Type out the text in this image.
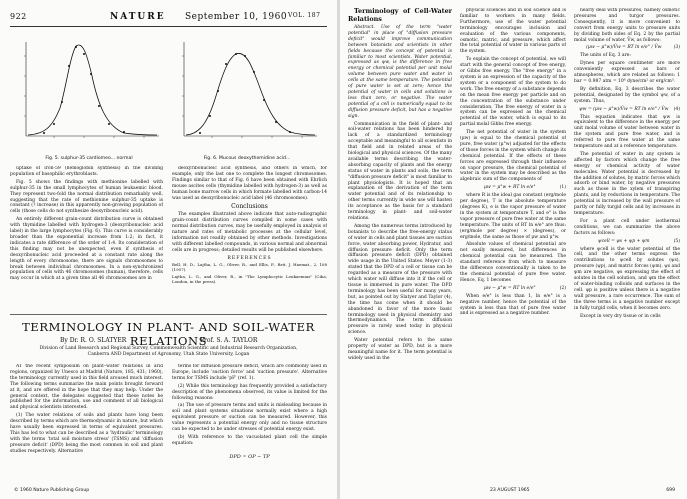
922	NATURE September 10, 1960 VOL. 187
Fig. 5. sulphur-35 cardiomeo... normal	Fig. 6. Mucous deoxythemidine acid...

uptake of iron-59 (hemoglobin synthesis) in the dividing population of basophilic erythroblasts.

Fig. 5 shows the findings with methionine labelled with sulphur-35 in the small lymphocytes of human leukaemic blood. They represent two-fold the normal distribution remarkably well, suggesting that the rate of methionine sulphur-35 uptake is constant (? increase) in this apparently non-growing population of cells (those cells do not synthesize deoxyribonucleic acid).

An entirely different grain-count distribution curve is obtained with thymidine labelled with hydrogen-3 (deoxyribonucleic acid label) in the large lymphocytes (Fig. 6). This curve is considerably broader than the exponential increase from 1:2; in fact, it indicates a rate difference of the order of 1:4. Its consideration of this finding may not be unexpected, even if synthesis of deoxyribonucleic acid proceeded at a constant rate along the length of every chromosome, there are signals chromosomes to break between individual chromosomes. In a non-synchronized population of cells with 46 chromosomes (human), therefore, cells may occur in which at a given time all 46 chromosomes are in

deoxyribonucleic acid synthesis, and others in which, for example, only the last one to complete the longest chromosomes. Findings similar to that of Fig. 6 have been obtained with Ehrlich mouse ascites cells (thymidine labelled with hydrogen-3) as well as human bone marrow cells in which formate labelled with carbon-14 was used as deoxyribonucleic acid label (46 chromosomes).

Conclusions

The examples illustrated above indicate that auto-radiographic grain-count distribution curves compiled in some cases with normal distribution curves, may be usefully employed in analysis of nature and rates of metabolic processes at the cellular level, information not readily obtained by other methods. Investigations with different labelled compounds, in various normal and abnormal cells are in progress; detailed results will be published elsewhere.

REFERENCES

Bell, H. D., Lajtha, L. G., Oliver, R., and Ellis, F., Brit. J. Haemat., 2, 108 (1957).

Lajtha, L. G., and Oliver, R., in "The Lymphocytic Leukaemias" (Ciba, London, in the press).

TERMINOLOGY IN PLANT- AND SOIL-WATER RELATIONS
By Dr. R. O. SLATYER	Prof. S. A. TAYLOR
Division of Land Research and Regional Survey, Commonwealth Scientific and Industrial Research Organization, Canberra AND Department of Agronomy, Utah State University, Logan

AT the recent symposium on plant–water relations in arid regions, organized by Unesco at Madrid (Nature, 185, 431; 1960), the terminology currently used in this field aroused much interest. The following terms summarize the main points brought forward at it, and are offered in the hope that they may help. Under the general context, the delegates suggested that these notes be published for the information, use and comment of all biological and physical scientists interested.

(1) The water relations of soils and plants have long been described by terms which are thermodynamic in nature, but which have usually been expressed in terms of equivalent pressures. This has led to what can be described as a 'hydraulic' terminology with the terms 'total soil moisture stress' (TSMS) and 'diffusion pressure deficit' (DPD) being the most common in soil and plant studies respectively. Alternative

terms for diffusion pressure deficit, which are commonly used in Europe, include 'suction force' and 'suction pressure'. Alternative terms for TSMS include 'pF' (ref. 1).

(2) While this terminology has frequently provided a satisfactory description of the phenomena observed, its value is limited for the following reasons:

(a) The use of pressure terms and units is misleading because in soil and plant systems situations normally exist where a high equivalent pressure or suction can be measured. However, this value represents a potential energy only and no tissue structure can be expected to be under stresses of potential energy exist.

(b) With reference to the vacuolated plant cell the simple equation:

DPD = OP − TP
© 1960 Nature Publishing Group

Terminology of Cell-Water Relations

Abstract. Use of the term "water potential" in place of "diffusion pressure deficit" would improve communication between botanists and scientists in other fields because the concept of potential is familiar to most scientists. Water potential, expressed as ψw, is the difference in free energy or chemical potential per unit molal volume between pure water and water in cells at the same temperature. The potential of pure water is set at zero; hence the potential of water in cells and solutions is less than zero, or negative. The water potential of a cell is numerically equal to its diffusion pressure deficit, but has a negative sign.

Communication in the field of plant- and soil-water relations has been hindered by lack of a standardized terminology acceptable and meaningful to all scientists in that field and in related areas of the biological and physical sciences. Of the many available terms describing the water-absorbing capacity of plants and the energy status of water in plants and soils, the term "diffusion pressure deficit" is most familiar to plant physiologists. It is hoped that an explanation of the derivation of the term water potential and of its relationship to other terms currently in wide use will hasten its acceptance as the basis for a standard terminology in plant- and soil-water relations.

Among the numerous terms introduced by botanists to describe the free-energy status of water in cells and plant tissues are suction force, water absorbing power, Hydratur, and diffusion pressure deficit. Only the term diffusion pressure deficit (DPD) obtained wide usage in the United States. Meyer (1-3) stated that the DPD of a cell or tissue can be regarded as a measure of the pressure with which water will diffuse into it if the cell or tissue is immersed in pure water. The DPD terminology has been useful for many years, but, as pointed out by Slatyer and Taylor (4), the time has come when it should be abandoned in favor of the more basic terminology used in physical chemistry and thermodynamics. The term diffusion pressure is rarely used today in physical science.

Water potential refers to the same property of water as DPD, but is a more meaningful name for it. The term potential is widely used in the

physical sciences and in soil science and is familiar to workers in many fields. Furthermore, use of the water potential terminology encourages inclusion and evaluation of the various components, osmotic, matric, and pressure, which affect the total potential of water in various parts of the system.

To explain the concept of potential, we will start with the general concept of free energy, or Gibbs free energy. The "free energy" in a system is an expression of the capacity of the system or a component of the system to do work. The free energy of a substance depends on the mean free energy per particle and on the concentration of the substance under consideration. The free energy of water in a system can be expressed as the chemical potential of the water, which is equal to its partial molal Gibbs free energy.

The net potential of water in the system (μw) is equal to the chemical potential of pure, free water (μ°w) adjusted for the effects of those forces in the system which change its chemical potential. If the effects of these forces are expressed through their influence on vapor pressure, the chemical potential of water in the system may be described as the algebraic sum of the components of

μw = μ°w + RT ln e/e°	(1)

where R is the ideal gas constant (erg/mole per degree), T is the absolute temperature (degrees K), e is the vapor pressure of water in the system at temperature T, and e° is the vapor pressure of pure free water at the same temperature. The units of RT ln e/e° are thus: (erg/mole per degree) × (degrees), or erg/mole, the same as those of μw and μ°w.

Absolute values of chemical potential are not easily measured, but differences in chemical potential can be measured. The standard reference from which to measure the difference conventionally is taken to be the chemical potential of pure free water. Hence, Eq. 1 becomes

μw − μ°w = RT ln e/e°	(2)

When e/e° is less than 1, ln e/e° is a negative number, hence the potential of the system is less than that of pure free water and is expressed as a negative number.

nearly deal with pressures, namely osmotic pressures and turgor pressures. Consequently, it is more convenient to convert from energy units to pressure units by dividing both sides of Eq. 2 by the partial molal volume of water, V̄w, as follows:

(μw − μ°w)/V̄w = RT ln e/e° / V̄w	(3)

The units of Eq. 3 are:

Dynes per square centimeter are more conveniently expressed as bars or atmospheres, which are related as follows: 1 bar = 0.987 atm = 10⁶ dyne/cm² or erg/cm³.

By definition, Eq. 3 describes the water potential, designated by the symbol ψw, of a system. Thus,

ψw = (μw − μ°w)/V̄w = RT ln e/e° / V̄w (4)

This equation indicates that ψw is equivalent to the difference in the energy per unit molal volume of water between water in the system and pure free water, and is referred to pure free water at the same temperature and at a reference temperature.

The potential of water in any system is affected by factors which change the free energy or chemical activity of water molecules. Water potential is decreased by the addition of solutes, by matric forces which adsorb or bind water, by negative pressures such as those in the xylem of transpiring plants, and by reductions in temperature. The potential is increased by the wall pressure of partly or fully turgid cells and by increases in temperature.

For a plant cell under isothermal conditions, we can summarize the above factors as follows:

ψcell = ψs + ψp + ψm	(5)

where ψcell is the water potential of the cell, and the other terms express the contributions to ψcell by solutes (ψs), pressure (ψp), and matric forces (ψm). ψs and ψm are negative, ψs expressing the effect of solutes in the cell solution, and ψm the effect of water-binding colloids and surfaces in the cell. ψp is positive unless there is a negative wall pressure, a rare occurrence. The sum of the three terms is a negative number except in fully turgid cells, when it becomes zero.

Except in very dry tissue or in cells

23 AUGUST 1965	699
